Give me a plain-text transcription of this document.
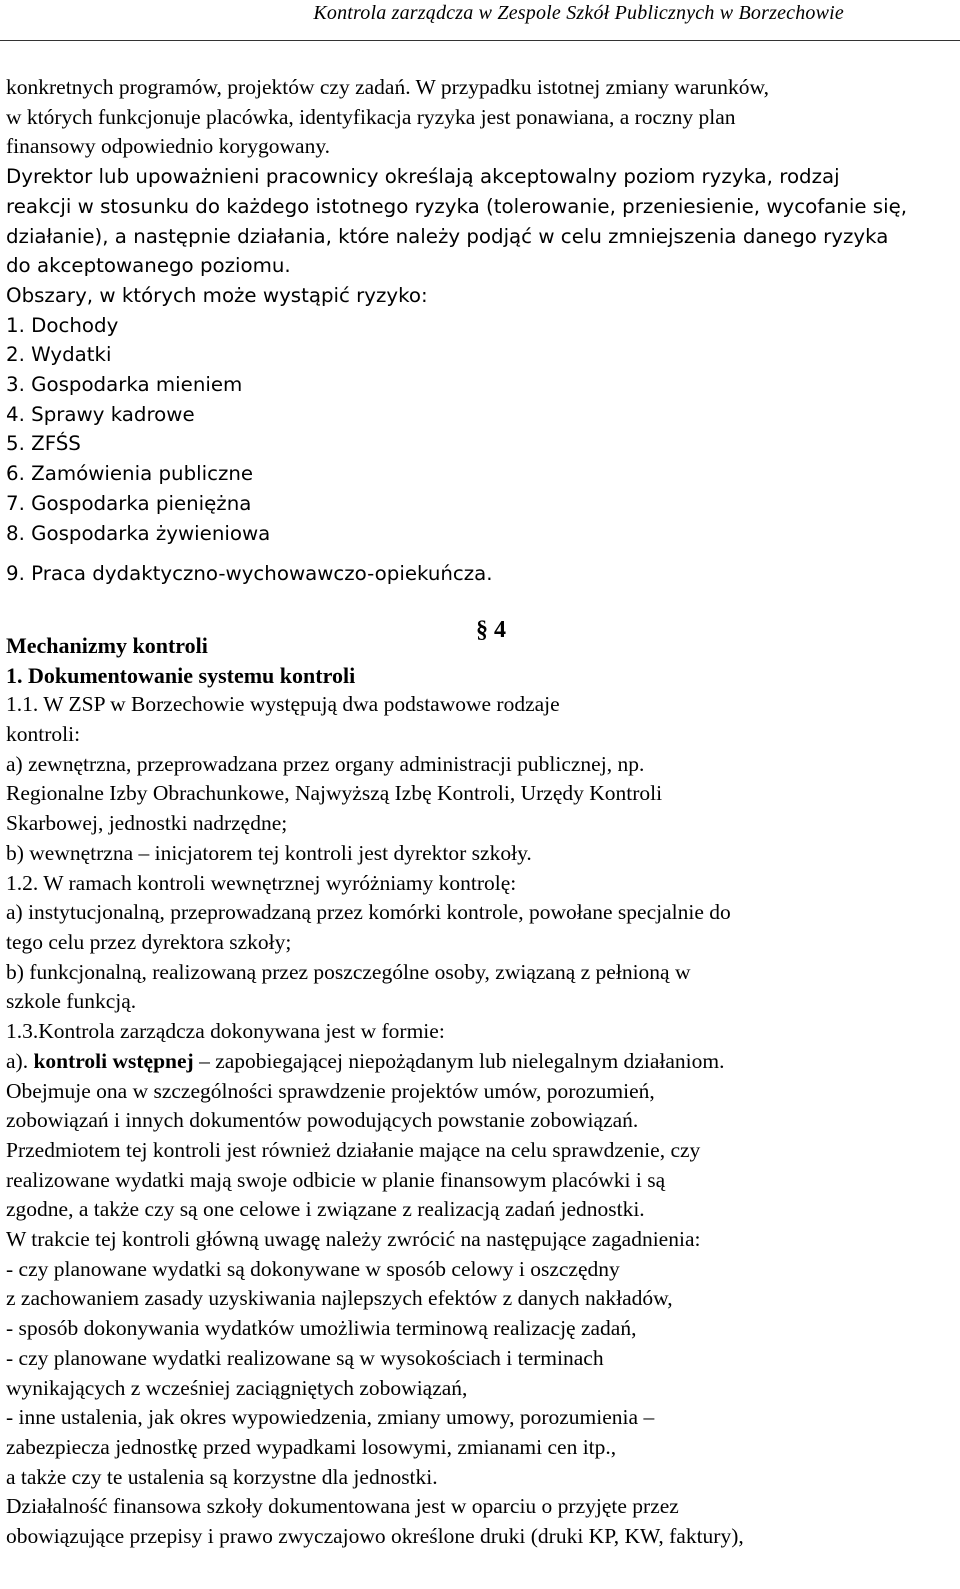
Kontrola zarządcza w Zespole Szkół Publicznych w Borzechowie
konkretnych programów, projektów czy zadań. W przypadku istotnej zmiany warunków,
w których funkcjonuje placówka, identyfikacja ryzyka jest ponawiana, a roczny plan
finansowy odpowiednio korygowany.
Dyrektor lub upoważnieni pracownicy określają akceptowalny poziom ryzyka, rodzaj
reakcji w stosunku do każdego istotnego ryzyka (tolerowanie, przeniesienie, wycofanie się,
działanie), a następnie działania, które należy podjąć w celu zmniejszenia danego ryzyka
do akceptowanego poziomu.
Obszary, w których może wystąpić ryzyko:
1. Dochody
2. Wydatki
3. Gospodarka mieniem
4. Sprawy kadrowe
5. ZFŚS
6. Zamówienia publiczne
7. Gospodarka pieniężna
8. Gospodarka żywieniowa
9. Praca dydaktyczno-wychowawczo-opiekuńcza.
Mechanizmy kontroli
1. Dokumentowanie systemu kontroli
1.1. W ZSP w Borzechowie występują dwa podstawowe rodzaje
kontroli:
a) zewnętrzna, przeprowadzana przez organy administracji publicznej, np.
Regionalne Izby Obrachunkowe, Najwyższą Izbę Kontroli, Urzędy Kontroli
Skarbowej, jednostki nadrzędne;
b) wewnętrzna – inicjatorem tej kontroli jest dyrektor szkoły.
1.2. W ramach kontroli wewnętrznej wyróżniamy kontrolę:
a) instytucjonalną, przeprowadzaną przez komórki kontrole, powołane specjalnie do
tego celu przez dyrektora szkoły;
b) funkcjonalną, realizowaną przez poszczególne osoby, związaną z pełnioną w
szkole funkcją.
1.3.Kontrola zarządcza dokonywana jest w formie:
a). kontroli wstępnej – zapobiegającej niepożądanym lub nielegalnym działaniom.
Obejmuje ona w szczególności sprawdzenie projektów umów, porozumień,
zobowiązań i innych dokumentów powodujących powstanie zobowiązań.
Przedmiotem tej kontroli jest również działanie mające na celu sprawdzenie, czy
realizowane wydatki mają swoje odbicie w planie finansowym placówki i są
zgodne, a także czy są one celowe i związane z realizacją zadań jednostki.
W trakcie tej kontroli główną uwagę należy zwrócić na następujące zagadnienia:
- czy planowane wydatki są dokonywane w sposób celowy i oszczędny
z zachowaniem zasady uzyskiwania najlepszych efektów z danych nakładów,
- sposób dokonywania wydatków umożliwia terminową realizację zadań,
- czy planowane wydatki realizowane są w wysokościach i terminach
wynikających z wcześniej zaciągniętych zobowiązań,
- inne ustalenia, jak okres wypowiedzenia, zmiany umowy, porozumienia –
zabezpiecza jednostkę przed wypadkami losowymi, zmianami cen itp.,
a także czy te ustalenia są korzystne dla jednostki.
Działalność finansowa szkoły dokumentowana jest w oparciu o przyjęte przez
obowiązujące przepisy i prawo zwyczajowo określone druki (druki KP, KW, faktury),
§ 4
